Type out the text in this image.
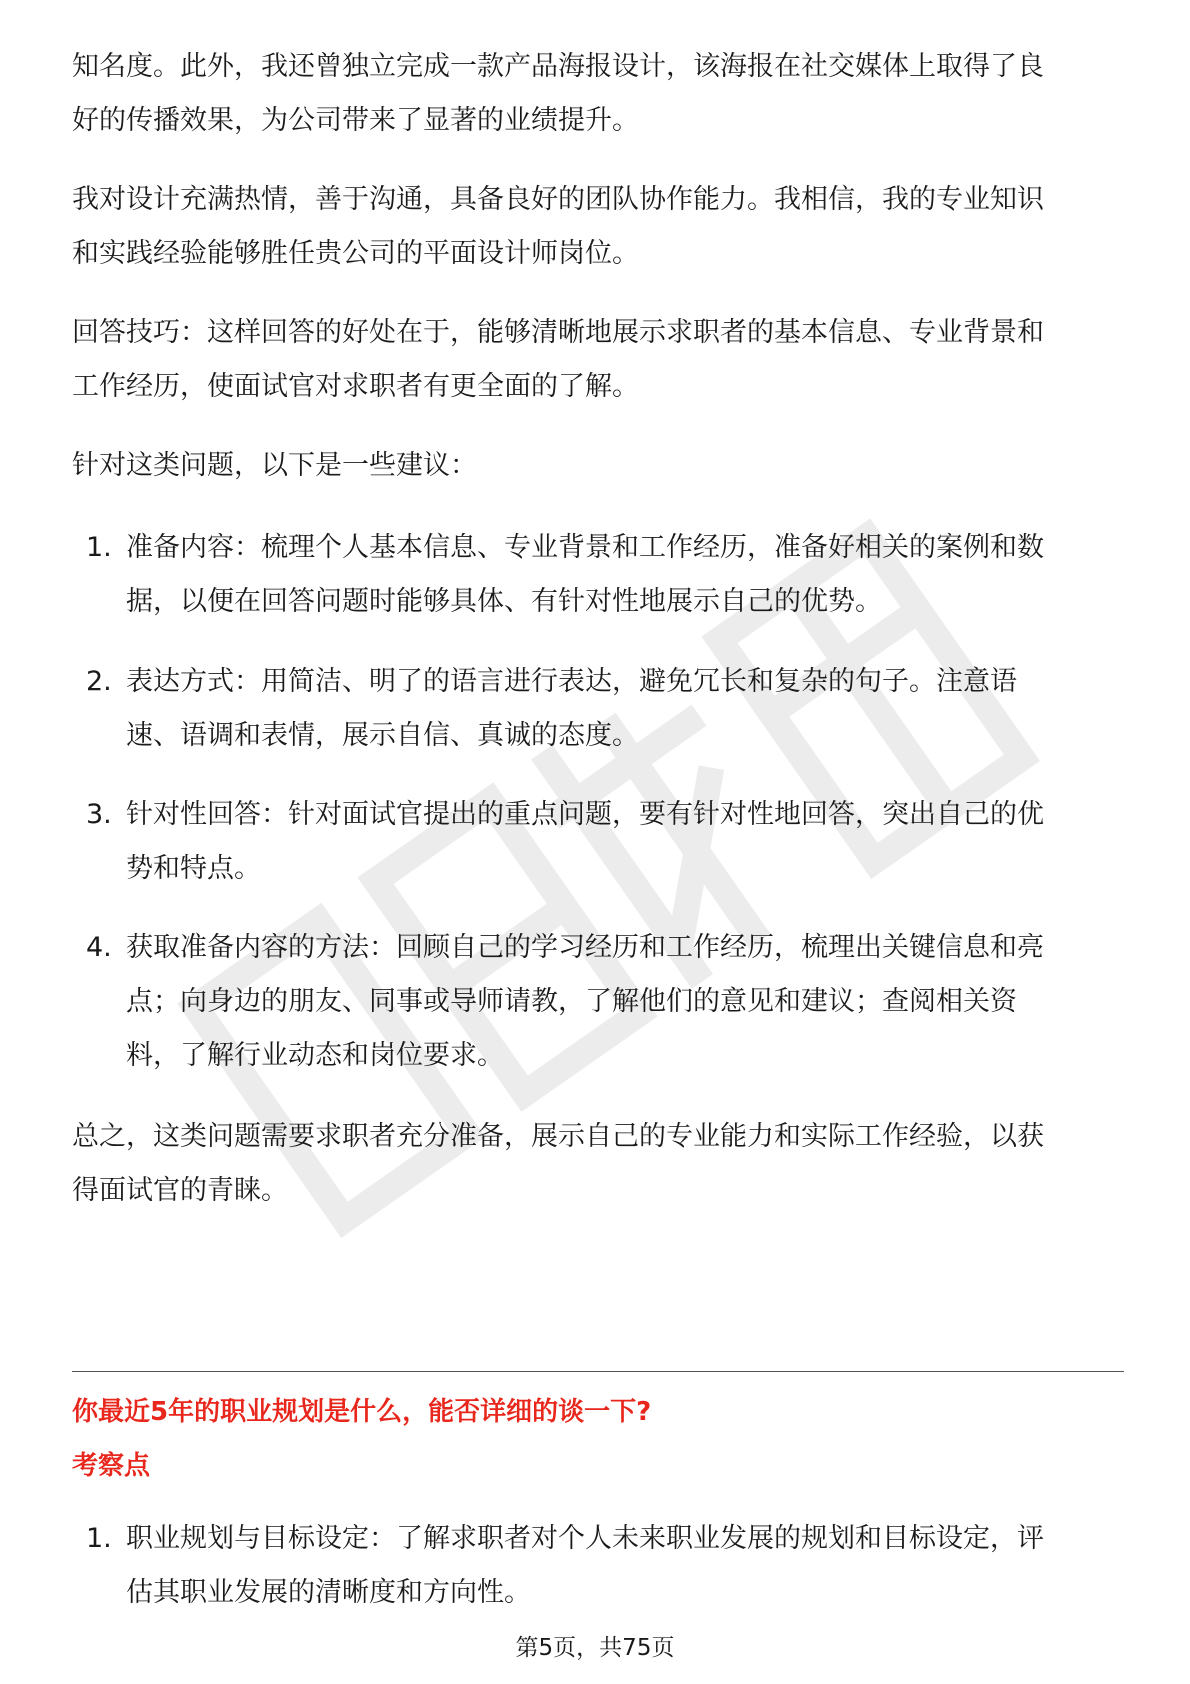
知名度。此外，我还曾独立完成一款产品海报设计，该海报在社交媒体上取得了良

好的传播效果，为公司带来了显著的业绩提升。

我对设计充满热情，善于沟通，具备良好的团队协作能力。我相信，我的专业知识

和实践经验能够胜任贵公司的平面设计师岗位。

回答技巧：这样回答的好处在于，能够清晰地展示求职者的基本信息、专业背景和

工作经历，使面试官对求职者有更全面的了解。

针对这类问题，以下是一些建议：

1. 准备内容：梳理个人基本信息、专业背景和工作经历，准备好相关的案例和数

据，以便在回答问题时能够具体、有针对性地展示自己的优势。

2. 表达方式：用简洁、明了的语言进行表达，避免冗长和复杂的句子。注意语

速、语调和表情，展示自信、真诚的态度。

3. 针对性回答：针对面试官提出的重点问题，要有针对性地回答，突出自己的优

势和特点。

4. 获取准备内容的方法：回顾自己的学习经历和工作经历，梳理出关键信息和亮

点；向身边的朋友、同事或导师请教，了解他们的意见和建议；查阅相关资

料，了解行业动态和岗位要求。

总之，这类问题需要求职者充分准备，展示自己的专业能力和实际工作经验，以获

得面试官的青睐。

你最近5年的职业规划是什么，能否详细的谈一下?

考察点

1. 职业规划与目标设定：了解求职者对个人未来职业发展的规划和目标设定，评

估其职业发展的清晰度和方向性。

第5页，共75页
